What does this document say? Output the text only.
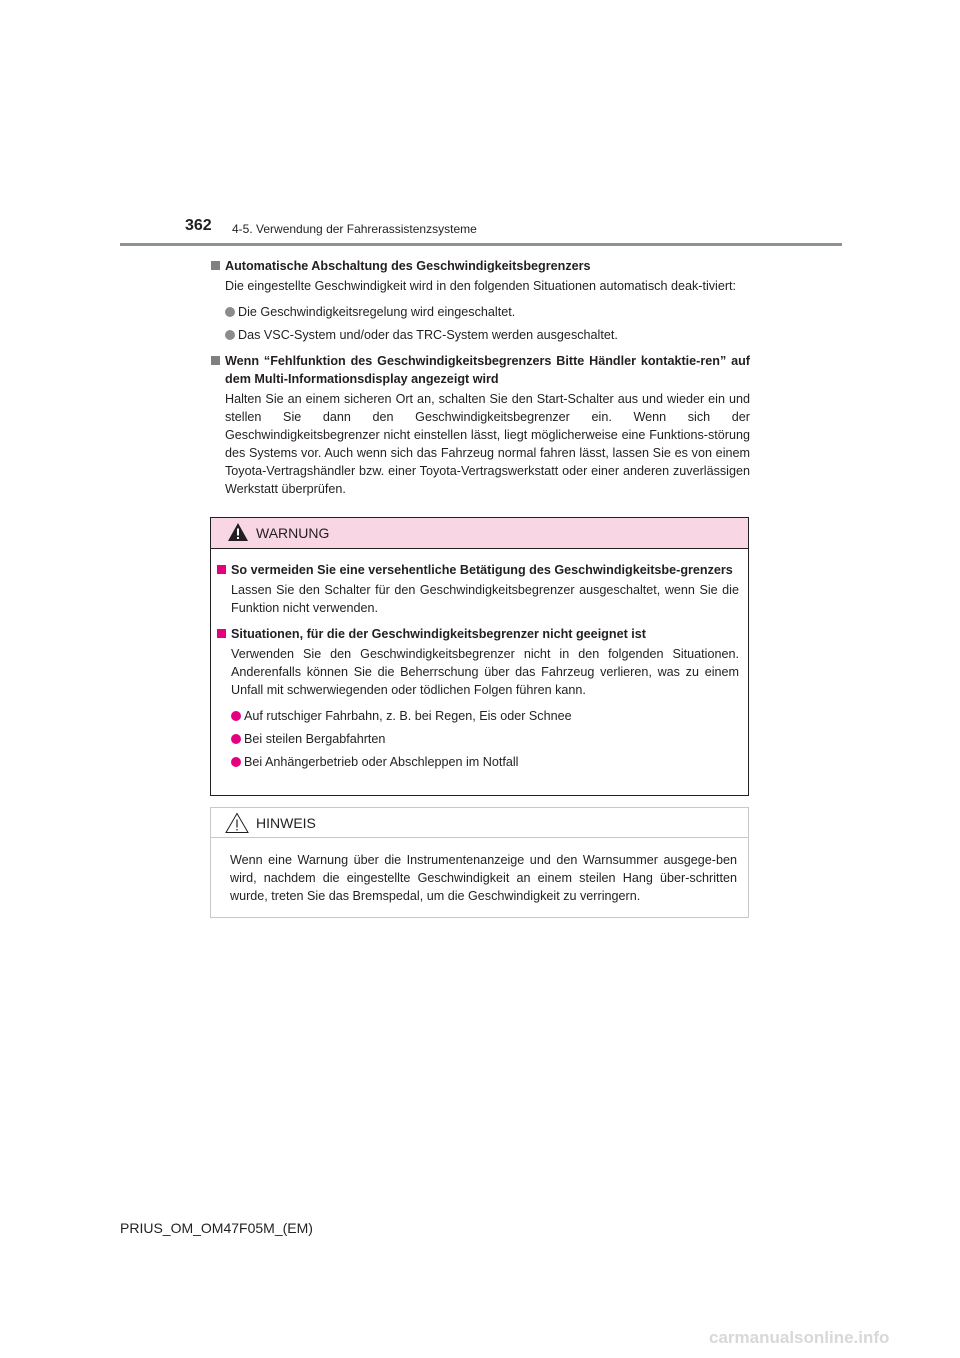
362 4-5. Verwendung der Fahrerassistenzsysteme
Automatische Abschaltung des Geschwindigkeitsbegrenzers
Die eingestellte Geschwindigkeit wird in den folgenden Situationen automatisch deak-tiviert:
Die Geschwindigkeitsregelung wird eingeschaltet.
Das VSC-System und/oder das TRC-System werden ausgeschaltet.
Wenn “Fehlfunktion des Geschwindigkeitsbegrenzers Bitte Händler kontaktie-ren” auf dem Multi-Informationsdisplay angezeigt wird
Halten Sie an einem sicheren Ort an, schalten Sie den Start-Schalter aus und wieder ein und stellen Sie dann den Geschwindigkeitsbegrenzer ein. Wenn sich der Geschwindigkeitsbegrenzer nicht einstellen lässt, liegt möglicherweise eine Funktions-störung des Systems vor. Auch wenn sich das Fahrzeug normal fahren lässt, lassen Sie es von einem Toyota-Vertragshändler bzw. einer Toyota-Vertragswerkstatt oder einer anderen zuverlässigen Werkstatt überprüfen.
WARNUNG
So vermeiden Sie eine versehentliche Betätigung des Geschwindigkeitsbe-grenzers
Lassen Sie den Schalter für den Geschwindigkeitsbegrenzer ausgeschaltet, wenn Sie die Funktion nicht verwenden.
Situationen, für die der Geschwindigkeitsbegrenzer nicht geeignet ist
Verwenden Sie den Geschwindigkeitsbegrenzer nicht in den folgenden Situationen. Anderenfalls können Sie die Beherrschung über das Fahrzeug verlieren, was zu einem Unfall mit schwerwiegenden oder tödlichen Folgen führen kann.
Auf rutschiger Fahrbahn, z. B. bei Regen, Eis oder Schnee
Bei steilen Bergabfahrten
Bei Anhängerbetrieb oder Abschleppen im Notfall
HINWEIS
Wenn eine Warnung über die Instrumentenanzeige und den Warnsummer ausgege-ben wird, nachdem die eingestellte Geschwindigkeit an einem steilen Hang über-schritten wurde, treten Sie das Bremspedal, um die Geschwindigkeit zu verringern.
PRIUS_OM_OM47F05M_(EM)
carmanualsonline.info
